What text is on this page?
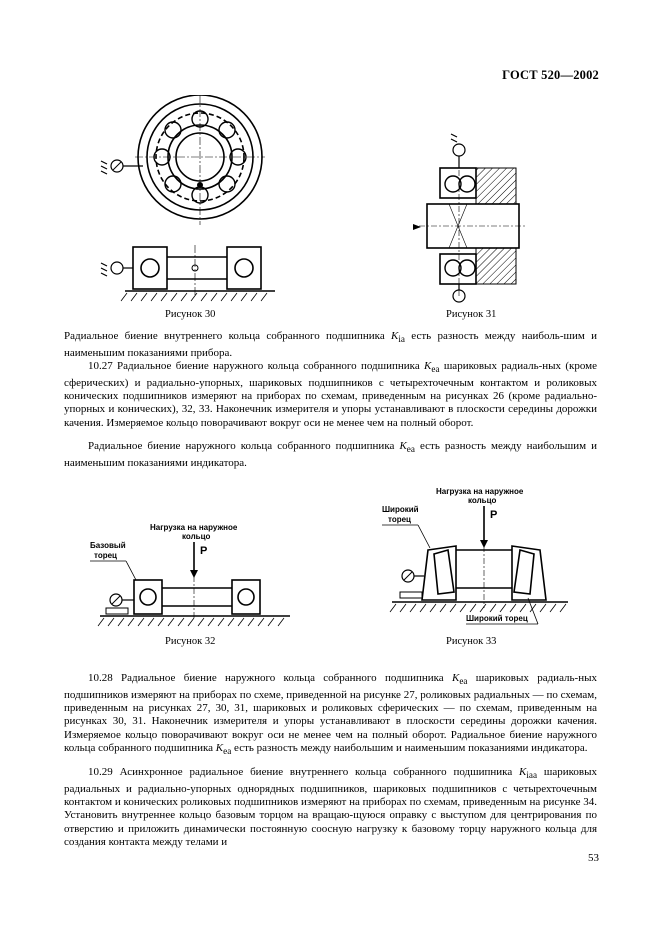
ГОСТ 520—2002
Рисунок 30	Рисунок 31

Радиальное биение внутреннего кольца собранного подшипника $K_{ia}$ есть разность между наиболь-шим и наименьшим показаниями прибора.

10.27 Радиальное биение наружного кольца собранного подшипника $K_{ea}$ шариковых радиаль-ных (кроме сферических) и радиально-упорных, шариковых подшипников с четырехточечным контактом и роликовых конических подшипников измеряют на приборах по схемам, приведенным на рисунках 26 (кроме радиально-упорных и конических), 32, 33. Наконечник измерителя и упоры устанавливают в плоскости середины дорожки качения. Измеряемое кольцо поворачивают вокруг оси не менее чем на полный оборот.

Радиальное биение наружного кольца собранного подшипника $K_{ea}$ есть разность между наибольшим и наименьшим показаниями индикатора.

Нагрузка на наружное
кольцо
P
Базовый
торец
Рисунок 32
Нагрузка на наружное
кольцо
P
Широкий
торец
Широкий торец
Рисунок 33

10.28 Радиальное биение наружного кольца собранного подшипника $K_{ea}$ шариковых радиаль-ных подшипников измеряют на приборах по схеме, приведенной на рисунке 27, роликовых радиальных — по схемам, приведенным на рисунках 27, 30, 31, шариковых и роликовых сферических — по схемам, приведенным на рисунках 30, 31. Наконечник измерителя и упоры устанавливают в плоскости середины дорожки качения. Измеряемое кольцо поворачивают вокруг оси не менее чем на полный оборот. Радиальное биение наружного кольца собранного подшипника $K_{ea}$ есть разность между наибольшим и наименьшим показаниями индикатора.

10.29 Асинхронное радиальное биение внутреннего кольца собранного подшипника $K_{iaa}$ шариковых радиальных и радиально-упорных однорядных подшипников, шариковых подшипников с четырехточечным контактом и конических роликовых подшипников измеряют на приборах по схемам, приведенным на рисунке 34. Установить внутреннее кольцо базовым торцом на вращаю-щуюся оправку с выступом для центрирования по отверстию и приложить динамически постоянную соосную нагрузку к базовому торцу наружного кольца для создания контакта между телами и

53
